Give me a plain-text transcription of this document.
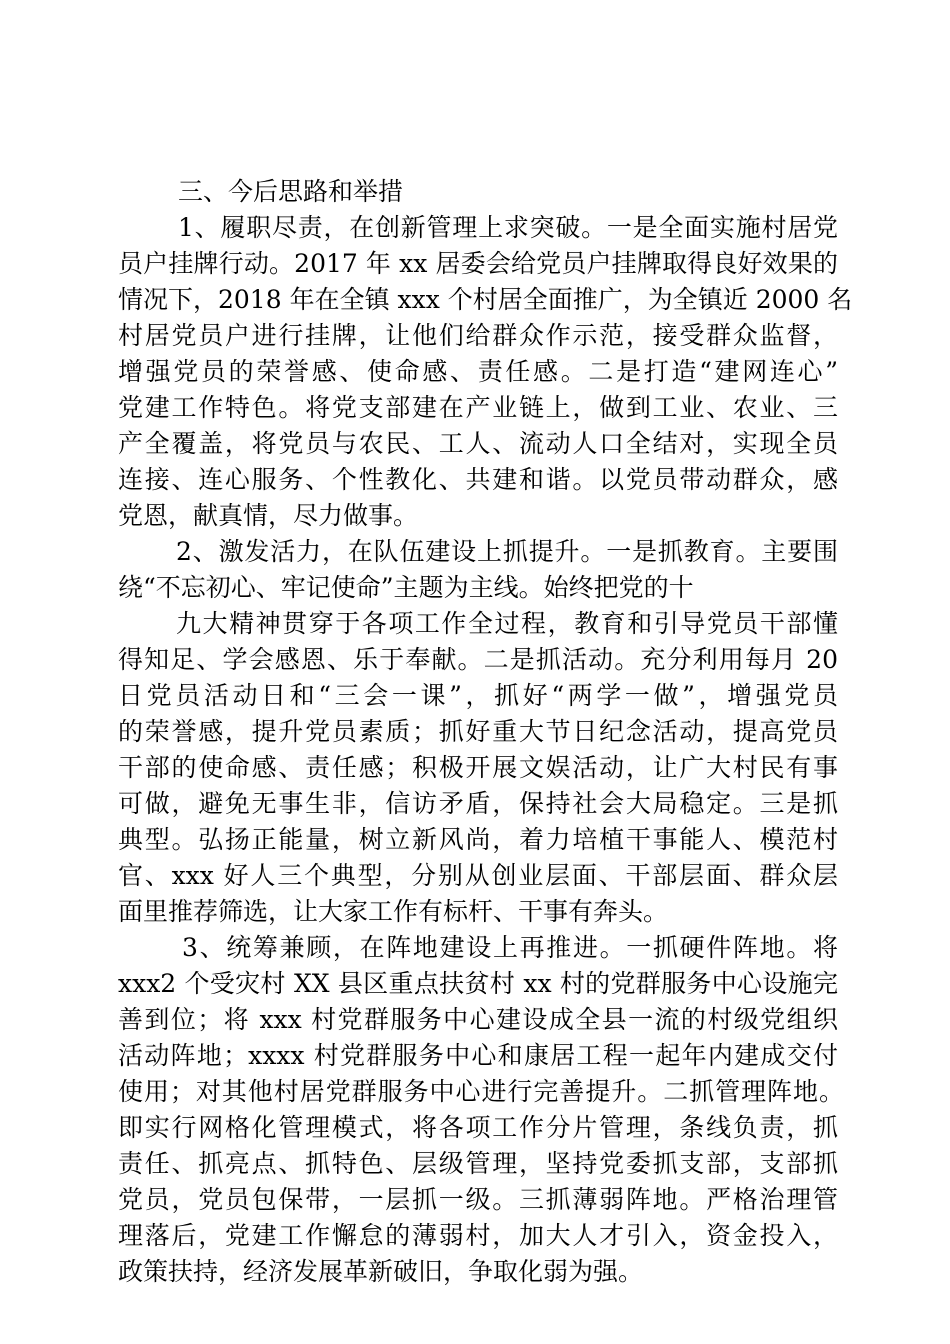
三、今后思路和举措
1、履职尽责，在创新管理上求突破。一是全面实施村居党
员户挂牌行动。2017 年 xx 居委会给党员户挂牌取得良好效果的
情况下，2018 年在全镇 xxx 个村居全面推广，为全镇近 2000 名
村居党员户进行挂牌，让他们给群众作示范，接受群众监督，
增强党员的荣誉感、使命感、责任感。二是打造“建网连心”
党建工作特色。将党支部建在产业链上，做到工业、农业、三
产全覆盖，将党员与农民、工人、流动人口全结对，实现全员
连接、连心服务、个性教化、共建和谐。以党员带动群众，感
党恩，献真情，尽力做事。
2、激发活力，在队伍建设上抓提升。一是抓教育。主要围
绕“不忘初心、牢记使命”主题为主线。始终把党的十
九大精神贯穿于各项工作全过程，教育和引导党员干部懂
得知足、学会感恩、乐于奉献。二是抓活动。充分利用每月 20
日党员活动日和“三会一课”，抓好“两学一做”，增强党员
的荣誉感，提升党员素质；抓好重大节日纪念活动，提高党员
干部的使命感、责任感；积极开展文娱活动，让广大村民有事
可做，避免无事生非，信访矛盾，保持社会大局稳定。三是抓
典型。弘扬正能量，树立新风尚，着力培植干事能人、模范村
官、xxx 好人三个典型，分别从创业层面、干部层面、群众层
面里推荐筛选，让大家工作有标杆、干事有奔头。
3、统筹兼顾，在阵地建设上再推进。一抓硬件阵地。将
xxx2 个受灾村 XX 县区重点扶贫村 xx 村的党群服务中心设施完
善到位；将 xxx 村党群服务中心建设成全县一流的村级党组织
活动阵地；xxxx 村党群服务中心和康居工程一起年内建成交付
使用；对其他村居党群服务中心进行完善提升。二抓管理阵地。
即实行网格化管理模式，将各项工作分片管理，条线负责，抓
责任、抓亮点、抓特色、层级管理，坚持党委抓支部，支部抓
党员，党员包保带，一层抓一级。三抓薄弱阵地。严格治理管
理落后，党建工作懈怠的薄弱村，加大人才引入，资金投入，
政策扶持，经济发展革新破旧，争取化弱为强。
